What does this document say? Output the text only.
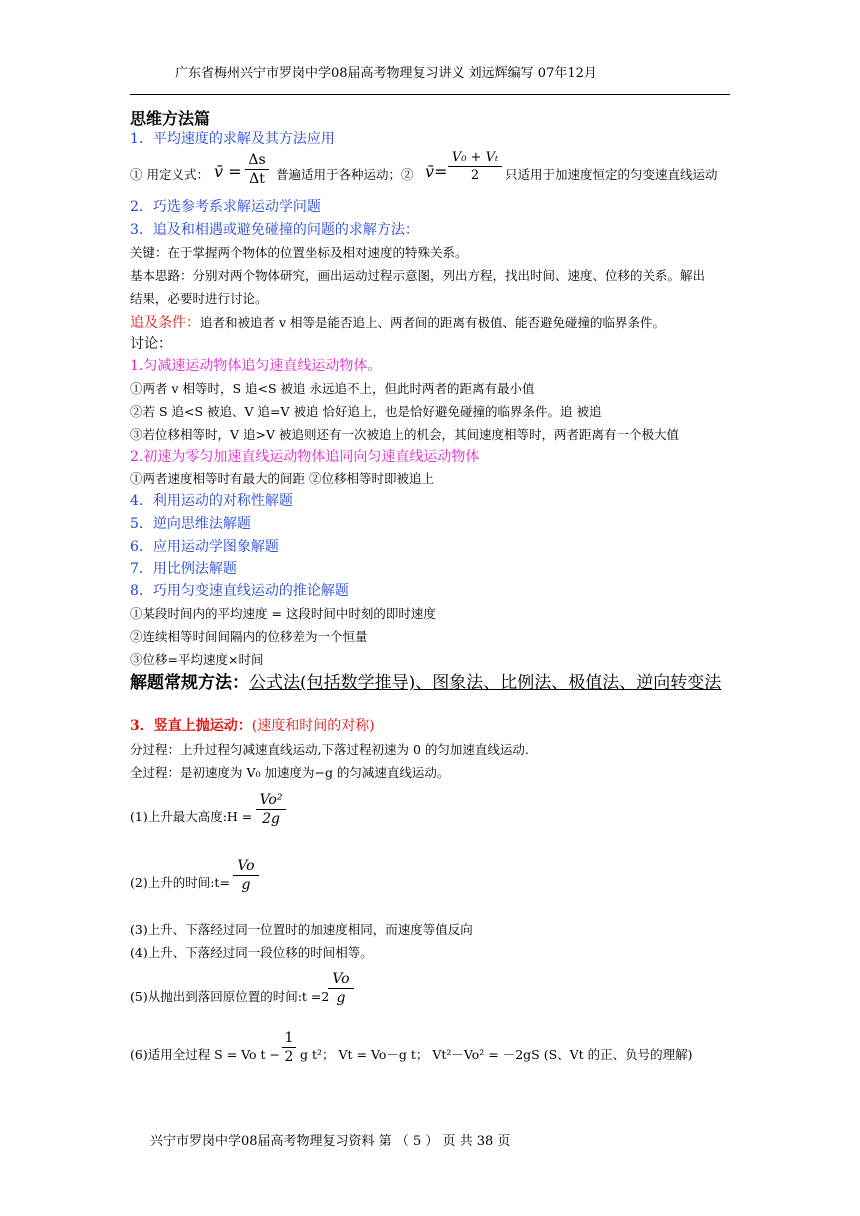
广东省梅州兴宁市罗岗中学08届高考物理复习讲义 刘远辉编写 07年12月
思维方法篇
1．平均速度的求解及其方法应用
① 用定义式： v̄ =
Δs
Δt 普遍适用于各种运动；② v̄=
V₀ + Vₜ
2	只适用于加速度恒定的匀变速直线运动
2．巧选参考系求解运动学问题
3．追及和相遇或避免碰撞的问题的求解方法：
关键：在于掌握两个物体的位置坐标及相对速度的特殊关系。
基本思路：分别对两个物体研究，画出运动过程示意图，列出方程，找出时间、速度、位移的关系。解出
结果，必要时进行讨论。
追及条件：追者和被追者 v 相等是能否追上、两者间的距离有极值、能否避免碰撞的临界条件。
讨论：
1.匀减速运动物体追匀速直线运动物体。
①两者 v 相等时，S 追<S 被追 永远追不上，但此时两者的距离有最小值
②若 S 追<S 被追、V 追=V 被追 恰好追上，也是恰好避免碰撞的临界条件。追 被追
③若位移相等时，V 追>V 被追则还有一次被追上的机会，其间速度相等时，两者距离有一个极大值
2.初速为零匀加速直线运动物体追同向匀速直线运动物体
①两者速度相等时有最大的间距 ②位移相等时即被追上
4．利用运动的对称性解题
5．逆向思维法解题
6．应用运动学图象解题
7．用比例法解题
8．巧用匀变速直线运动的推论解题
①某段时间内的平均速度 = 这段时间中时刻的即时速度
②连续相等时间间隔内的位移差为一个恒量
③位移=平均速度×时间
解题常规方法：公式法(包括数学推导)、图象法、比例法、极值法、逆向转变法
3．竖直上抛运动：(速度和时间的对称)
分过程：上升过程匀减速直线运动,下落过程初速为 0 的匀加速直线运动.
全过程：是初速度为 V₀ 加速度为−g 的匀减速直线运动。
(1)上升最大高度:H =
Vo²
2g
(2)上升的时间:t=
Vo
g
(3)上升、下落经过同一位置时的加速度相同，而速度等值反向
(4)上升、下落经过同一段位移的时间相等。
(5)从抛出到落回原位置的时间:t =2
Vo
g
(6)适用全过程 S = Vo t −
1
2 g t²； Vt = Vo－g t； Vt²－Vo² = －2gS (S、Vt 的正、负号的理解)
兴宁市罗岗中学08届高考物理复习资料 第 （ 5 ） 页 共 38 页
